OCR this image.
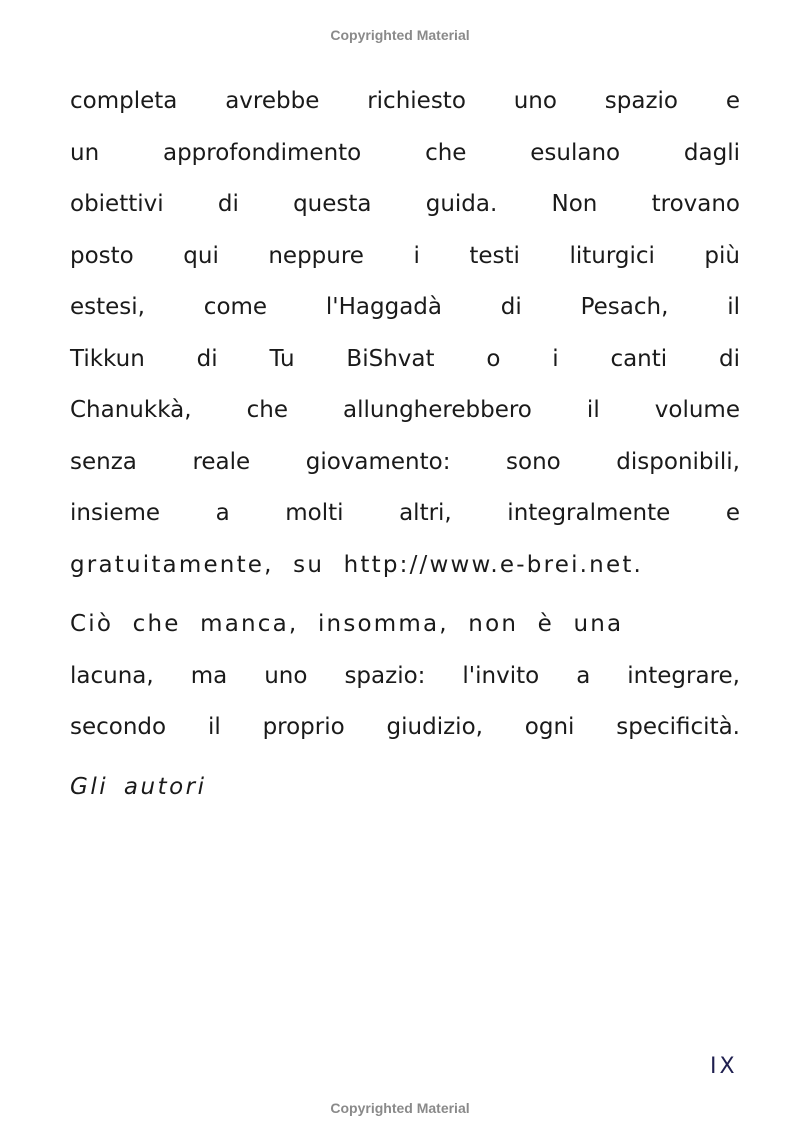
Copyrighted Material
completa avrebbe richiesto uno spazio e
un approfondimento che esulano dagli
obiettivi di questa guida. Non trovano
posto qui neppure i testi liturgici più
estesi, come l'Haggadà di Pesach, il
Tikkun di Tu BiShvat o i canti di
Chanukkà, che allungherebbero il volume
senza reale giovamento: sono disponibili,
insieme a molti altri, integralmente e
gratuitamente, su http://www.e-brei.net.
Ciò che manca, insomma, non è una
lacuna, ma uno spazio: l'invito a integrare,
secondo il proprio giudizio, ogni specificità.
Gli autori
IX
Copyrighted Material
